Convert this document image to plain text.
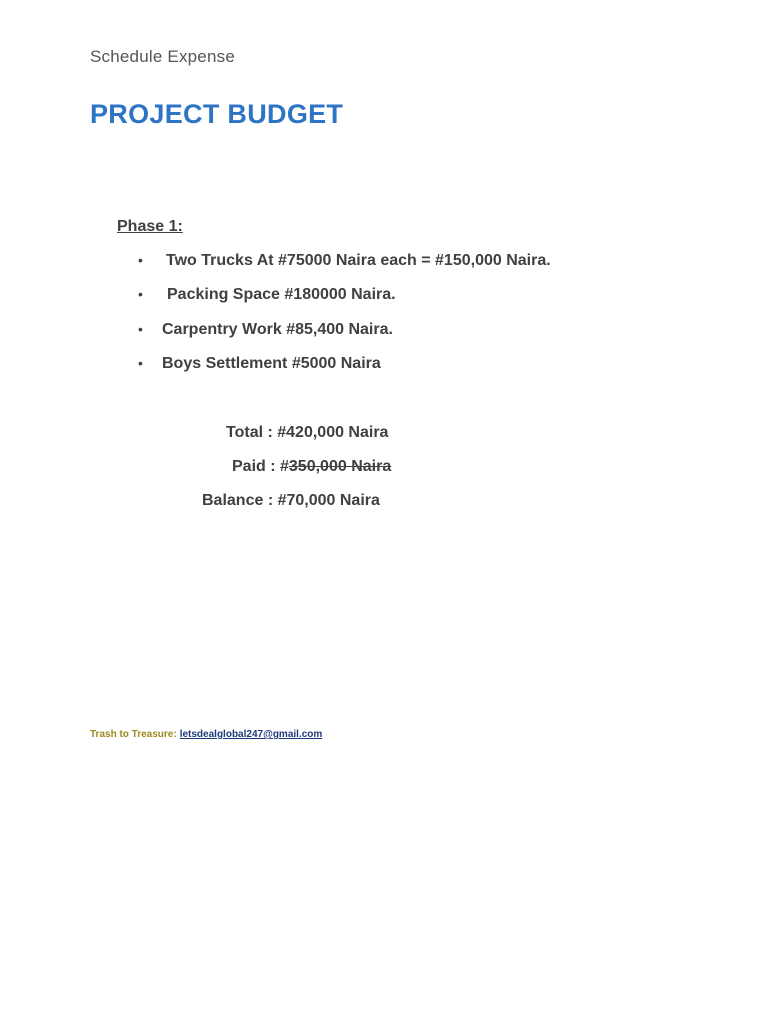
Schedule Expense
PROJECT BUDGET
Phase 1:
• Two Trucks At #75000 Naira each = #150,000 Naira.
• Packing Space #180000 Naira.
• Carpentry Work #85,400 Naira.
• Boys Settlement #5000 Naira
Total : #420,000 Naira
Paid : #350,000 Naira
Balance : #70,000 Naira
Trash to Treasure: letsdealglobal247@gmail.com
